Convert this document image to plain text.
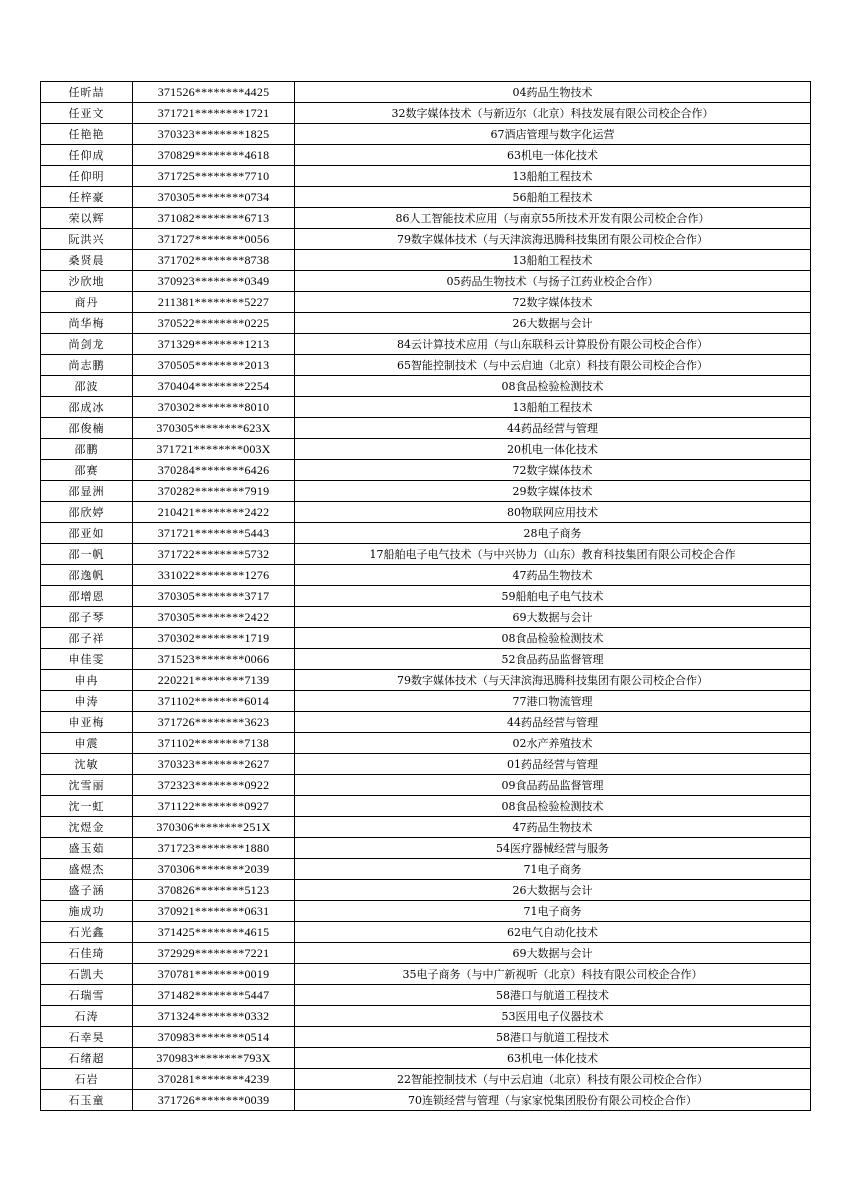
任昕喆	371526********4425	04药品生物技术
任亚文	371721********1721	32数字媒体技术（与新迈尔（北京）科技发展有限公司校企合作）
任艳艳	370323********1825	67酒店管理与数字化运营
任仰成	370829********4618	63机电一体化技术
任仰明	371725********7710	13船舶工程技术
任梓豪	370305********0734	56船舶工程技术
荣以辉	371082********6713	86人工智能技术应用（与南京55所技术开发有限公司校企合作）
阮洪兴	371727********0056	79数字媒体技术（与天津滨海迅腾科技集团有限公司校企合作）
桑贤晨	371702********8738	13船舶工程技术
沙欣地	370923********0349	05药品生物技术（与扬子江药业校企合作）
商丹	211381********5227	72数字媒体技术
尚华梅	370522********0225	26大数据与会计
尚剑龙	371329********1213	84云计算技术应用（与山东联科云计算股份有限公司校企合作）
尚志鹏	370505********2013	65智能控制技术（与中云启迪（北京）科技有限公司校企合作）
邵波	370404********2254	08食品检验检测技术
邵成冰	370302********8010	13船舶工程技术
邵俊楠	370305********623X	44药品经营与管理
邵鹏	371721********003X	20机电一体化技术
邵赛	370284********6426	72数字媒体技术
邵显洲	370282********7919	29数字媒体技术
邵欣婷	210421********2422	80物联网应用技术
邵亚如	371721********5443	28电子商务
邵一帆	371722********5732	17船舶电子电气技术（与中兴协力（山东）教育科技集团有限公司校企合作
邵逸帆	331022********1276	47药品生物技术
邵增恩	370305********3717	59船舶电子电气技术
邵子琴	370305********2422	69大数据与会计
邵子祥	370302********1719	08食品检验检测技术
申佳雯	371523********0066	52食品药品监督管理
申冉	220221********7139	79数字媒体技术（与天津滨海迅腾科技集团有限公司校企合作）
申涛	371102********6014	77港口物流管理
申亚梅	371726********3623	44药品经营与管理
申震	371102********7138	02水产养殖技术
沈敏	370323********2627	01药品经营与管理
沈雪丽	372323********0922	09食品药品监督管理
沈一虹	371122********0927	08食品检验检测技术
沈煜金	370306********251X	47药品生物技术
盛玉茹	371723********1880	54医疗器械经营与服务
盛煜杰	370306********2039	71电子商务
盛子涵	370826********5123	26大数据与会计
施成功	370921********0631	71电子商务
石光鑫	371425********4615	62电气自动化技术
石佳琦	372929********7221	69大数据与会计
石凯夫	370781********0019	35电子商务（与中广新视听（北京）科技有限公司校企合作）
石瑞雪	371482********5447	58港口与航道工程技术
石涛	371324********0332	53医用电子仪器技术
石幸昊	370983********0514	58港口与航道工程技术
石绪超	370983********793X	63机电一体化技术
石岩	370281********4239	22智能控制技术（与中云启迪（北京）科技有限公司校企合作）
石玉童	371726********0039	70连锁经营与管理（与家家悦集团股份有限公司校企合作）
